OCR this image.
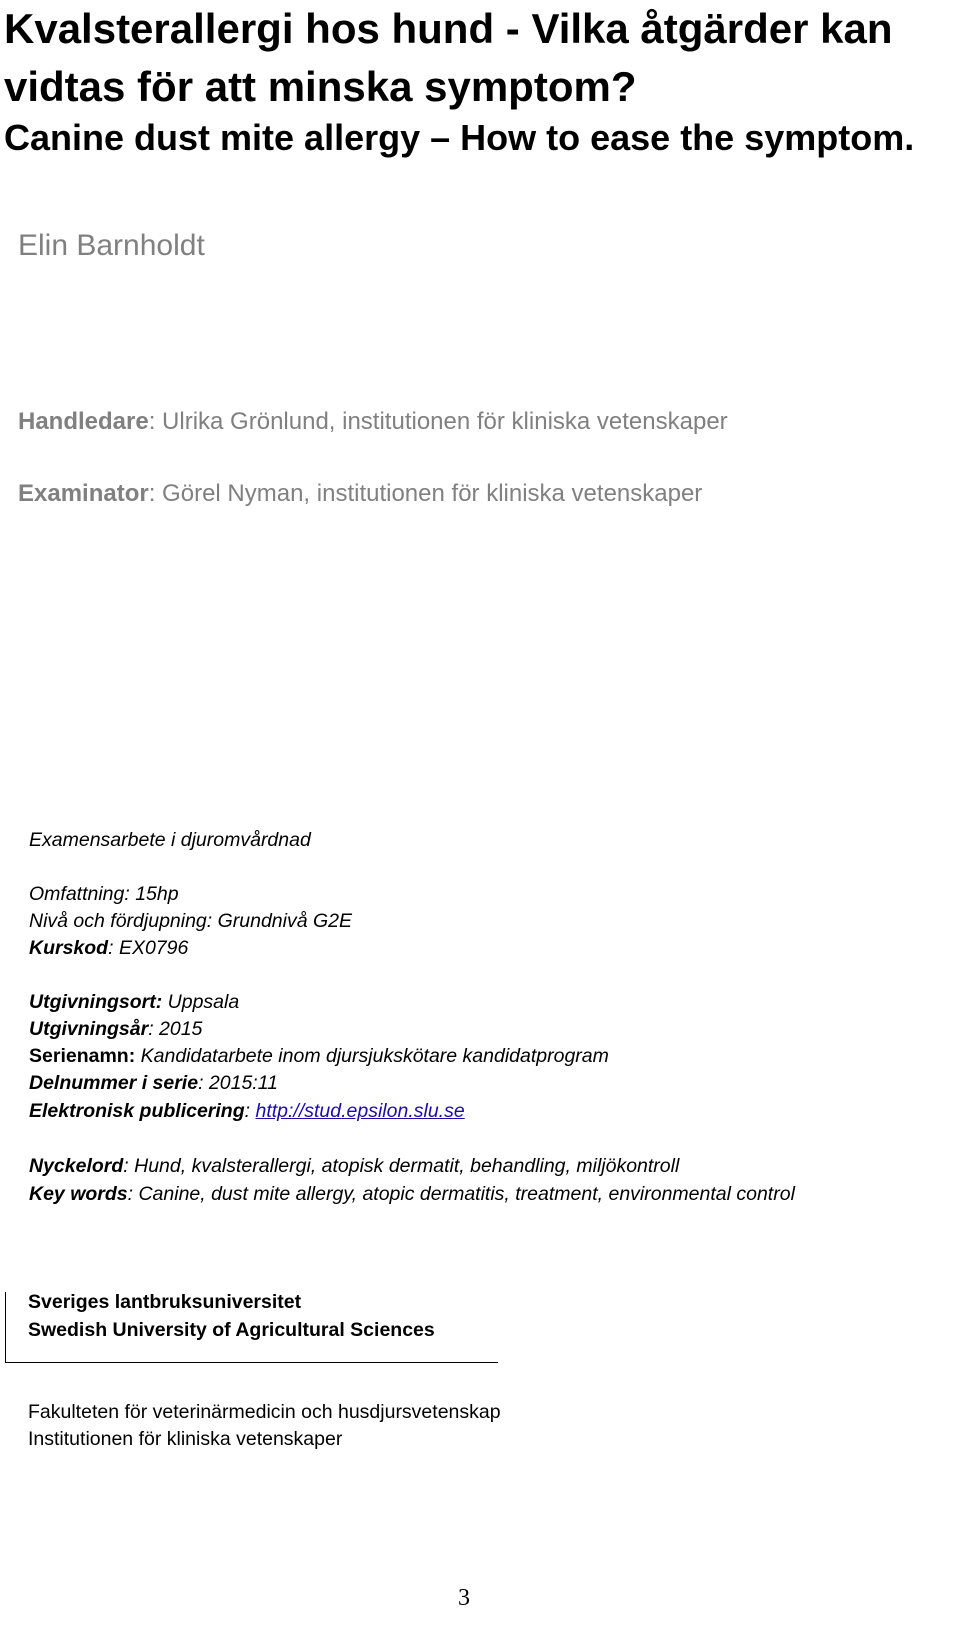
Kvalsterallergi hos hund - Vilka åtgärder kan vidtas för att minska symptom?
Canine dust mite allergy – How to ease the symptom.
Elin Barnholdt
Handledare: Ulrika Grönlund, institutionen för kliniska vetenskaper
Examinator: Görel Nyman, institutionen för kliniska vetenskaper
Examensarbete i djuromvårdnad
Omfattning: 15hp
Nivå och fördjupning: Grundnivå G2E
Kurskod: EX0796
Utgivningsort: Uppsala
Utgivningsår: 2015
Serienamn: Kandidatarbete inom djursjukskötare kandidatprogram
Delnummer i serie: 2015:11
Elektronisk publicering: http://stud.epsilon.slu.se
Nyckelord: Hund, kvalsterallergi, atopisk dermatit, behandling, miljökontroll
Key words: Canine, dust mite allergy, atopic dermatitis, treatment, environmental control
Sveriges lantbruksuniversitet
Swedish University of Agricultural Sciences
Fakulteten för veterinärmedicin och husdjursvetenskap
Institutionen för kliniska vetenskaper
3
